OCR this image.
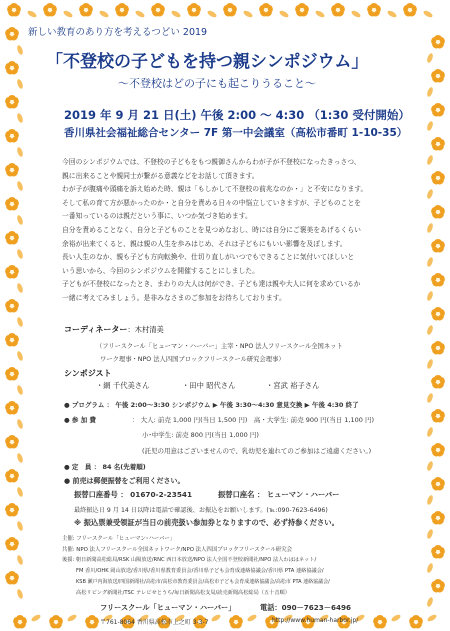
新しい教育のあり方を考えるつどい 2019
「不登校の子どもを持つ親シンポジウム」
～不登校はどの子にも起こりうること～
2019 年 9 月 21 日(土) 午後 2:00 ～ 4:30 （1:30 受付開始）
香川県社会福祉総合センター 7F 第一中会議室（高松市番町 1-10-35）

今回のシンポジウムでは、不登校の子どもをもつ親御さんからわが子が不登校になったきっさつ、

親に出来ることや親同士が繋がる意義などをお話して頂きます。

わが子が腹痛や頭痛を訴え始めた時、親は「もしかして不登校の前兆なのか・」と不安になります。

そして私の育て方が悪かったのか・と自分を責める日々の中悩立していきますが、子どものことを

一番知っているのは親だという事に、いつか気づき始めます。

自分を責めることなく、自分と子どものことを見つめなおし、時には自分にご褒美をあげるくらい

余裕が出来てくると、親は親の人生を歩みはじめ、それは子どもにもいい影響を及ぼします。

長い人生のなか、親も子ども方向転換や、仕切り直しがいつでもできることに気付いてほしいと

いう思いから、今回のシンポジウムを開催することにしました。

子どもが不登校になったとき、まわりの大人は何ができ、子ども達は親や大人に何を求めているか

一緒に考えてみましょう。是非みなさまのご参加をお待ちしております。

コーディネーター：木村清美
（フリースクール「ヒューマン・ハーバー」主宰・NPO 法人フリースクール全国ネット
ワーク理事・NPO 法人四国ブロックフリースクール研究会理事）
シンポジスト
・網 千代美さん	・田中 昭代さん	・宮武 裕子さん
● プログラム ： 午後 2:00～3:30 シンポジウム ▶ 午後 3:30～4:30 意見交換 ▶ 午後 4:30 終了
● 参 加 費	： 大人: 前売 1,000 円(当日 1,500 円)　高・大学生: 前売 900 円(当日 1,100 円)
小･中学生: 前売 800 円(当日 1,000 円)
(託児の用意はございませんので、乳幼児を連れてのご参加はご遠慮ください。)
● 定　員 ： 84 名(先着順)
● 前売は郵便振替をご利用ください。
振替口座番号 ： 01670-2-23541	振替口座名 ： ヒューマン・ハーバー
最終振込日 9 月 14 日以降は電話で確認後、お振込をお願いします。(℡:090-7623-6496)
※ 振込票兼受領証が当日の前売扱い参加券となりますので、必ず持参ください。
主催: フリースクール「ヒューマン･ハーバー」
共催: NPO 法人フリースクール全国ネットワーク/NPO 法人四国ブロックフリースクール研究会
後援: 朝日新聞高松総局/RSK 山陽放送/RNC 西日本放送/NPO 法人全国不登校新聞社/NPO 法人わははネット/
FM 香川/OHK 岡山放送/香川県/香川県教育委員会/香川県子ども会育成連絡協議会/香川県 PTA 連絡協議会/
KSB 瀬戸内海放送/四国新聞社/高松市/高松市教育委員会/高松市子ども会育成連絡協議会/高松市 PTA 連絡協議会/
高松リビング新聞社/TSC テレビせとうち/毎日新聞高松支局/読売新聞高松総局（五十音順）
フリースクール「ヒューマン・ハーバー」	電話：090－7623－6496
〒761-8064 香川県高松市上之町 3-3-7	http://www.human-harbor.jp/
